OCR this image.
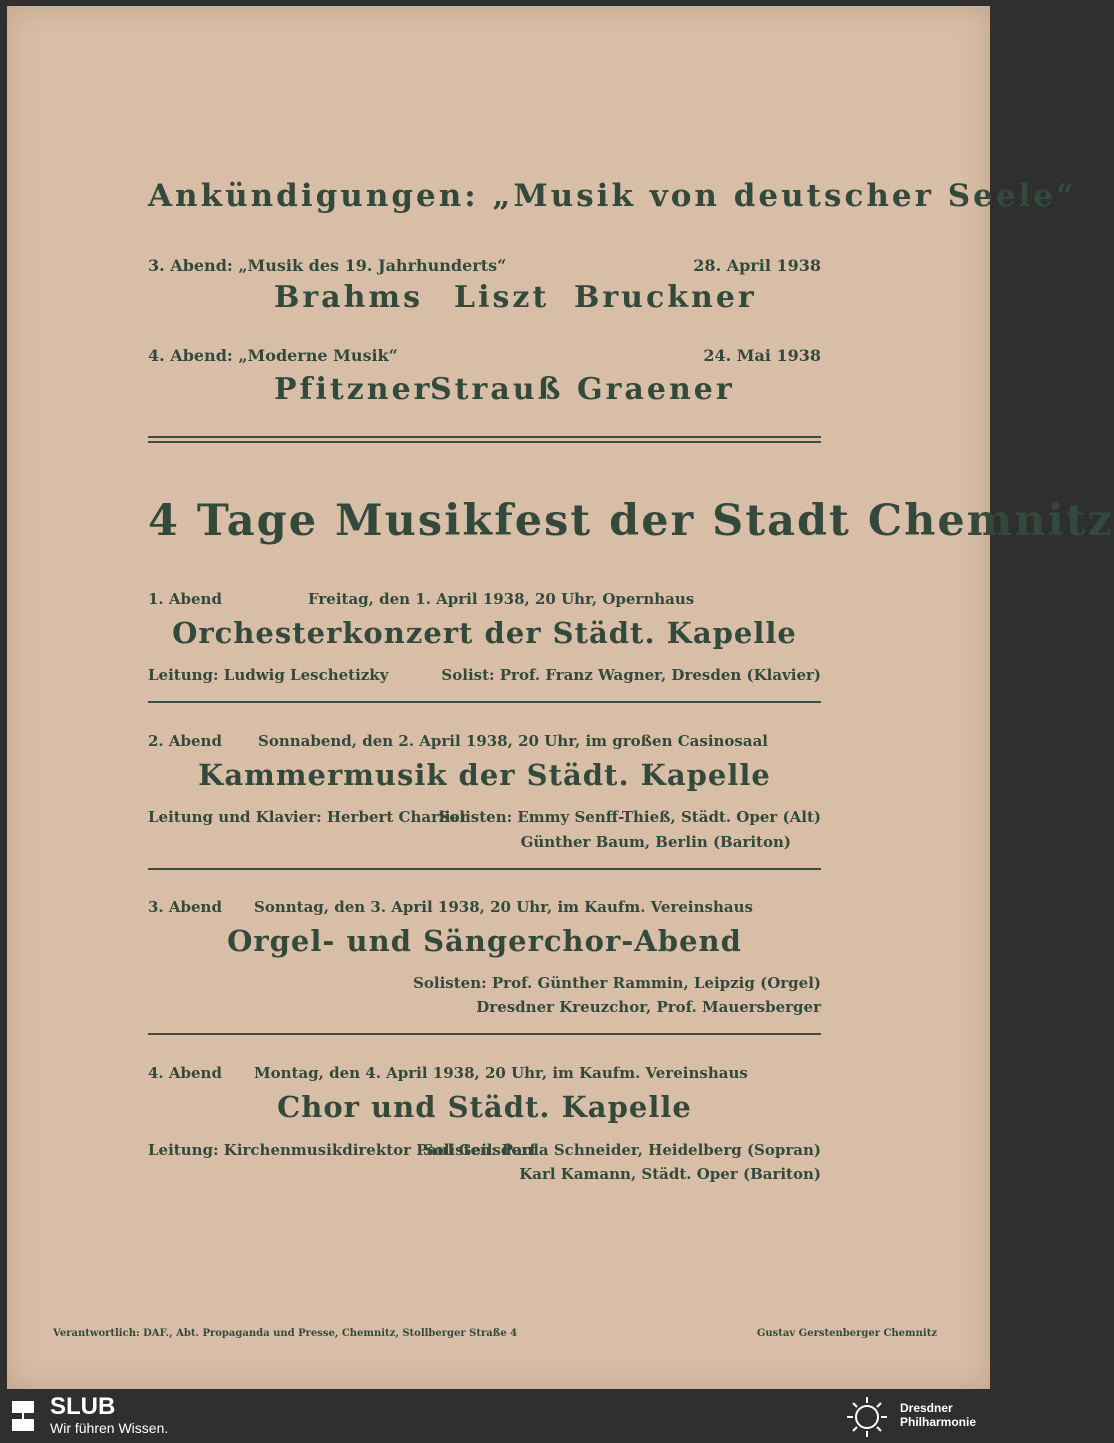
Ankündigungen: „Musik von deutscher Seele“
3. Abend: „Musik des 19. Jahrhunderts“	28. April 1938
Brahms Liszt Bruckner
4. Abend: „Moderne Musik“	24. Mai 1938
Pfitzner
Strauß Graener
4 Tage Musikfest der Stadt Chemnitz
1. Abend	Freitag, den 1. April 1938, 20 Uhr, Opernhaus
Orchesterkonzert der Städt. Kapelle
Leitung: Ludwig Leschetizky	Solist: Prof. Franz Wagner, Dresden (Klavier)
2. Abend Sonnabend, den 2. April 1938, 20 Uhr, im großen Casinosaal
Kammermusik der Städt. Kapelle
Leitung und Klavier: Herbert Charlier
Solisten: Emmy Senff-Thieß, Städt. Oper (Alt)
Günther Baum, Berlin (Bariton)
3. Abend Sonntag, den 3. April 1938, 20 Uhr, im Kaufm. Vereinshaus
Orgel- und Sängerchor-Abend
Solisten: Prof. Günther Rammin, Leipzig (Orgel)
Dresdner Kreuzchor, Prof. Mauersberger
4. Abend Montag, den 4. April 1938, 20 Uhr, im Kaufm. Vereinshaus
Chor und Städt. Kapelle
Leitung: Kirchenmusikdirektor Paul Geilsdorf
Solisten: Paula Schneider, Heidelberg (Sopran)
Karl Kamann, Städt. Oper (Bariton)
Verantwortlich: DAF., Abt. Propaganda und Presse, Chemnitz, Stollberger Straße 4	Gustav Gerstenberger Chemnitz
SLUB
Wir führen Wissen.
Dresdner
Philharmonie
